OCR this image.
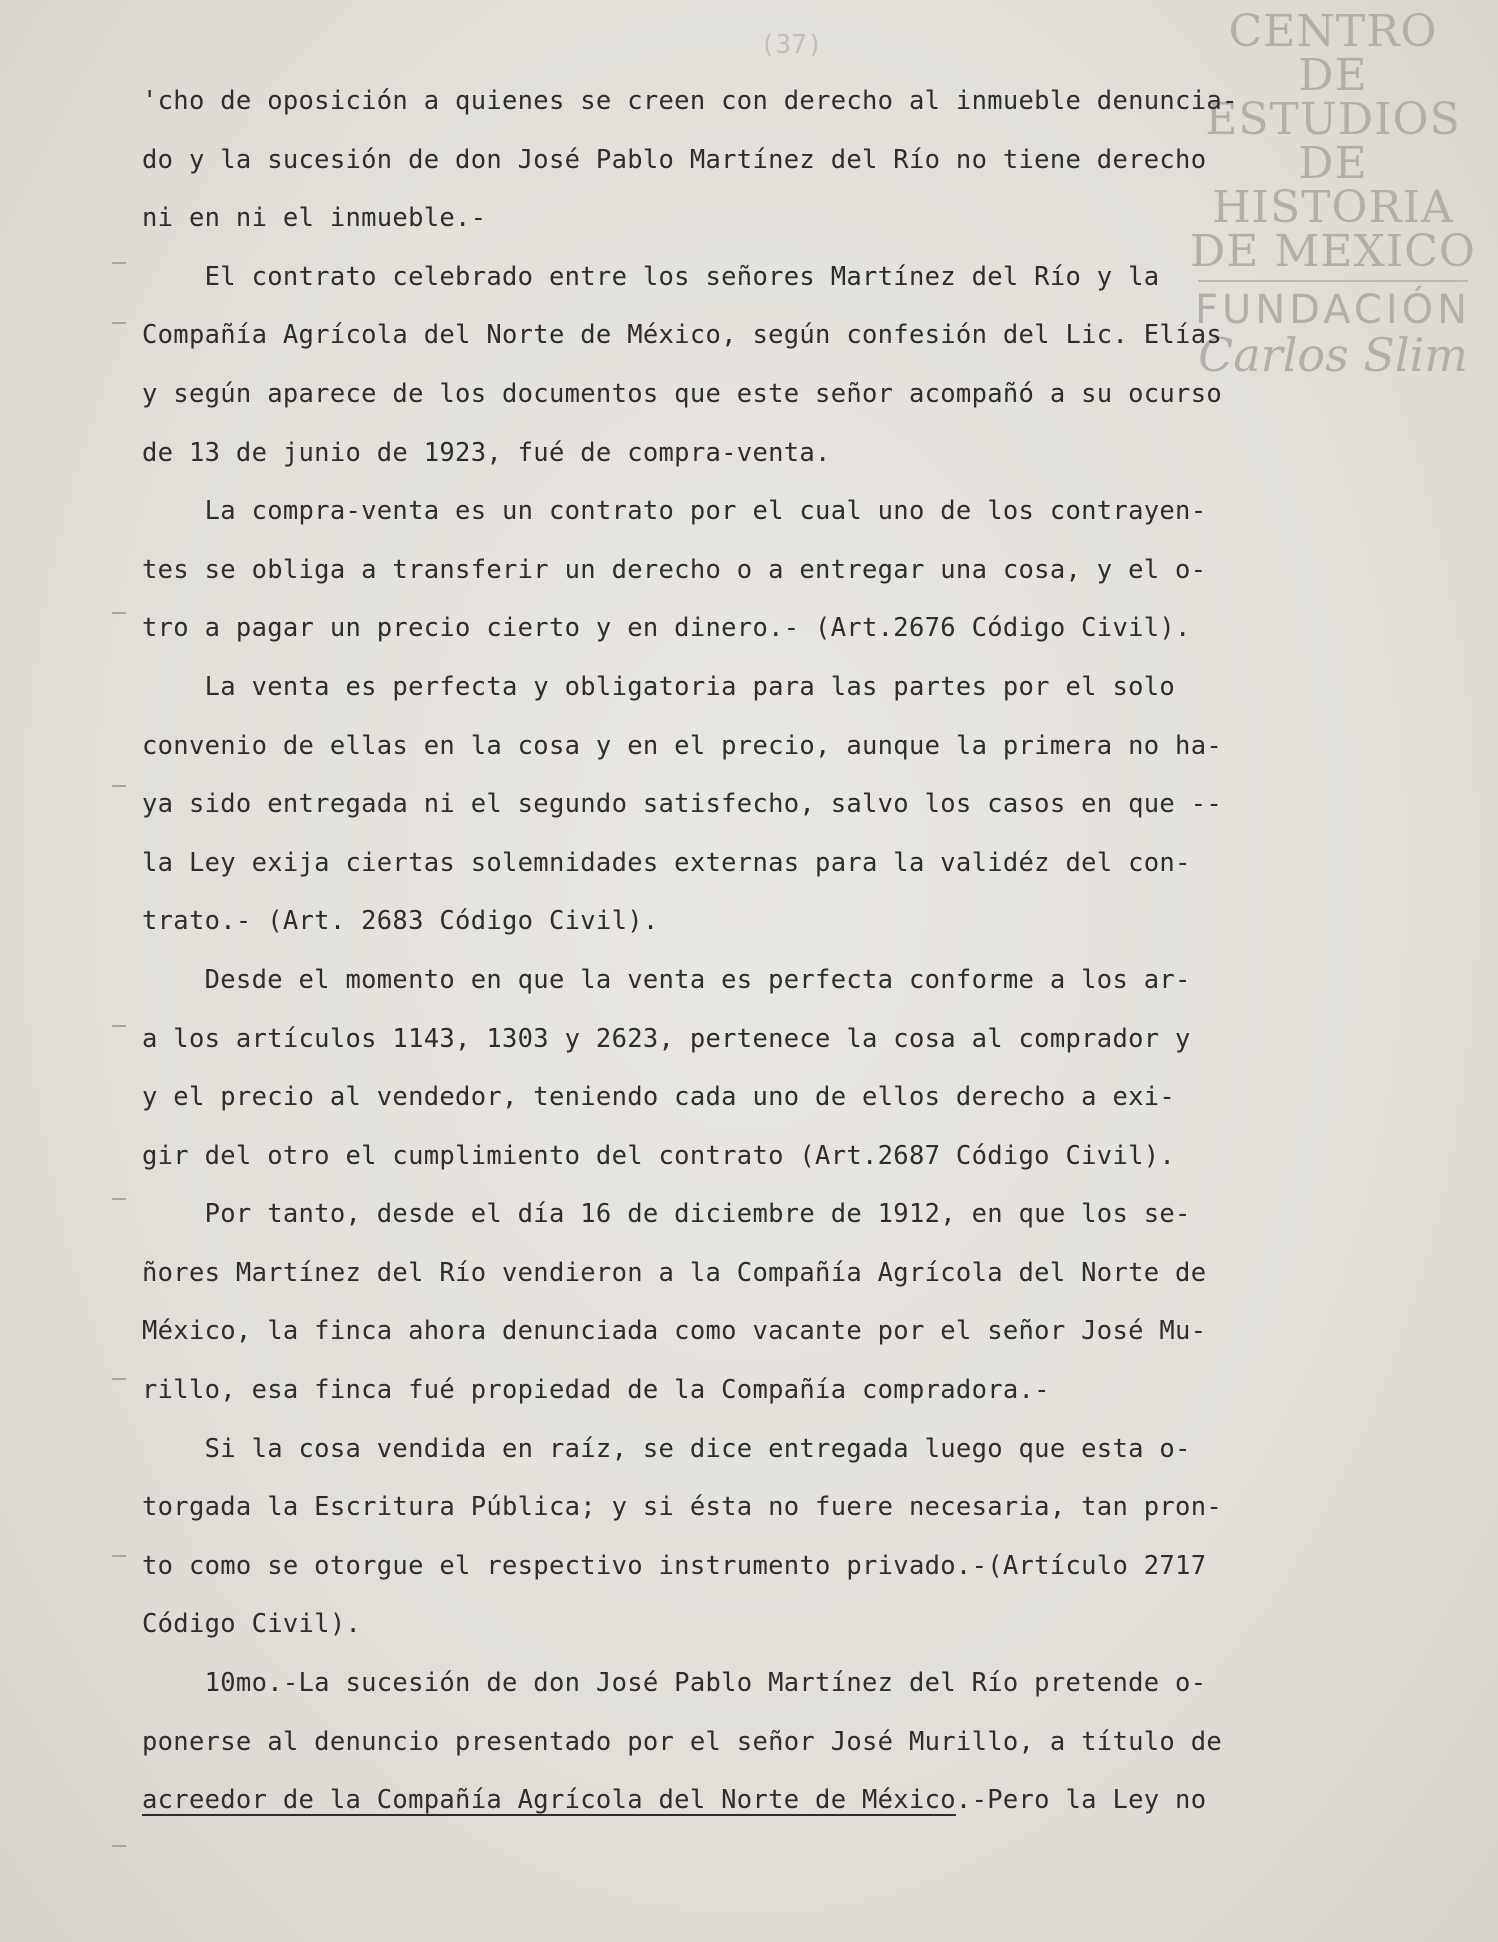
(37)	CENTRO DE
ESTUDIOS
DE HISTORIA
DE MEXICO
FUNDACIÓN
Carlos Slim
'cho de oposición a quienes se creen con derecho al inmueble denuncia-
do y la sucesión de don José Pablo Martínez del Río no tiene derecho
ni en ni el inmueble.-
El contrato celebrado entre los señores Martínez del Río y la
Compañía Agrícola del Norte de México, según confesión del Lic. Elías
y según aparece de los documentos que este señor acompañó a su ocurso
de 13 de junio de 1923, fué de compra-venta.
La compra-venta es un contrato por el cual uno de los contrayen-
tes se obliga a transferir un derecho o a entregar una cosa, y el o-
tro a pagar un precio cierto y en dinero.- (Art.2676 Código Civil).
La venta es perfecta y obligatoria para las partes por el solo
convenio de ellas en la cosa y en el precio, aunque la primera no ha-
ya sido entregada ni el segundo satisfecho, salvo los casos en que --
la Ley exija ciertas solemnidades externas para la validéz del con-
trato.- (Art. 2683 Código Civil).
Desde el momento en que la venta es perfecta conforme a los ar-
a los artículos 1143, 1303 y 2623, pertenece la cosa al comprador y
y el precio al vendedor, teniendo cada uno de ellos derecho a exi-
gir del otro el cumplimiento del contrato (Art.2687 Código Civil).
Por tanto, desde el día 16 de diciembre de 1912, en que los se-
ñores Martínez del Río vendieron a la Compañía Agrícola del Norte de
México, la finca ahora denunciada como vacante por el señor José Mu-
rillo, esa finca fué propiedad de la Compañía compradora.-
Si la cosa vendida en raíz, se dice entregada luego que esta o-
torgada la Escritura Pública; y si ésta no fuere necesaria, tan pron-
to como se otorgue el respectivo instrumento privado.-(Artículo 2717
Código Civil).
10mo.-La sucesión de don José Pablo Martínez del Río pretende o-
ponerse al denuncio presentado por el señor José Murillo, a título de
acreedor de la Compañía Agrícola del Norte de México.-Pero la Ley no
